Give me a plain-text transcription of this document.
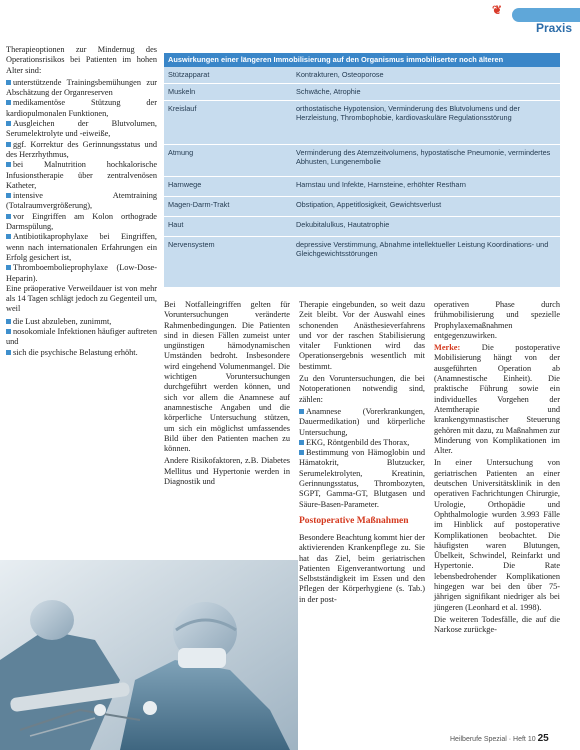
❦
Praxis

Therapieoptionen zur Mindernug des Operationsrisikos bei Patienten im hohen Alter sind:

unterstützende Trainingsbemühungen zur Abschätzung der Organreserven
medikamentöse Stützung der kardiopulmonalen Funktionen,
Ausgleichen der Blutvolumen, Serumelektrolyte und -eiweiße,
ggf. Korrektur des Gerinnungsstatus und des Herzrhythmus,
bei Malnutrition hochkalorische Infusionstherapie über zentralvenösen Katheter,
intensive Atemtraining (Totalraumvergrößerung),
vor Eingriffen am Kolon orthograde Darmspülung,
Antibiotikaprophylaxe bei Eingriffen, wenn nach internationalen Erfahrungen ein Erfolg gesichert ist,
Thromboembolieprophylaxe (Low-Dose-Heparin).

Eine präoperative Verweildauer ist von mehr als 14 Tagen schlägt jedoch zu Gegenteil um, weil

die Lust abzuleben, zunimmt,
nosokomiale Infektionen häufiger auftreten und
sich die psychische Belastung erhöht.
Auswirkungen einer längeren Immobilisierung auf den Organismus immobiliserter noch älteren
Stützapparat	Kontrakturen, Osteoporose
Muskeln	Schwäche, Atrophie
Kreislauf	orthostatische Hypotension, Verminderung des Blutvolumens und der Herzleistung, Thrombophobie, kardiovaskuläre Regulationsstörung
Atmung	Verminderung des Atemzeitvolumens, hypostatische Pneumonie, vermindertes Abhusten, Lungenembolie
Harnwege	Harnstau und Infekte, Harnsteine, erhöhter Restharn
Magen-Darm-Trakt	Obstipation, Appetitlosigkeit, Gewichtsverlust
Haut	Dekubitalulkus, Hautatrophie
Nervensystem	depressive Verstimmung, Abnahme intellektueller Leistung Koordinations- und Gleichgewichtsstörungen

Bei Notfalleingriffen gelten für Voruntersuchungen veränderte Rahmenbedingungen. Die Patienten sind in diesen Fällen zumeist unter ungünstigen hämodynamischen Umständen bedroht. Insbesondere wird eingehend Volumenmangel. Die wichtigen Voruntersuchungen durchgeführt werden können, und sich vor allem die Anamnese auf anamnestische Angaben und die körperliche Untersuchung stützen, um sich ein möglichst umfassendes Bild über den Patienten machen zu können.

Andere Risikofaktoren, z.B. Diabetes Mellitus und Hypertonie werden in Diagnostik und

Therapie eingebunden, so weit dazu Zeit bleibt. Vor der Auswahl eines schonenden Anästhesieverfahrens und vor der raschen Stabilisierung vitaler Funktionen wird das Operationsergebnis wesentlich mit bestimmt.

Zu den Voruntersuchungen, die bei Notoperationen notwendig sind, zählen:

Anamnese (Vorerkrankungen, Dauermedikation) und körperliche Untersuchung,
EKG, Röntgenbild des Thorax,
Bestimmung von Hämoglobin und Hämatokrit, Blutzucker, Serumelektrolyten, Kreatinin, Gerinnungsstatus, Thrombozyten, SGPT, Gamma-GT, Blutgasen und Säure-Basen-Parameter.
Postoperative Maßnahmen

Besondere Beachtung kommt hier der aktivierenden Krankenpflege zu. Sie hat das Ziel, beim geriatrischen Patienten Eigenverantwortung und Selbstständigkeit im Essen und den Pflegen der Körperhygiene (s. Tab.) in der post-

operativen Phase durch frühmobilisierung und spezielle Prophylaxemaßnahmen entgegenzuwirken.

Merke: Die postoperative Mobilisierung hängt von der ausgeführten Operation ab (Anamnestische Einheit). Die praktische Führung sowie ein individuelles Vorgehen der Atemtherapie und krankengymnastischer Steuerung gehören mit dazu, zu Maßnahmen zur Minderung von Komplikationen im Alter.

In einer Untersuchung von geriatrischen Patienten an einer deutschen Universitätsklinik in den operativen Fachrichtungen Chirurgie, Urologie, Orthopädie und Ophthalmologie wurden 3.993 Fälle im Hinblick auf postoperative Komplikationen beobachtet. Die häufigsten waren Blutungen, Übelkeit, Schwindel, Reinfarkt und Hypertonie. Die Rate lebensbedrohender Komplikationen hingegen war bei den über 75-jährigen signifikant niedriger als bei jüngeren (Leonhard et al. 1998).

Die weiteren Todesfälle, die auf die Narkose zurückge-

Heilberufe Spezial · Heft 10 25
